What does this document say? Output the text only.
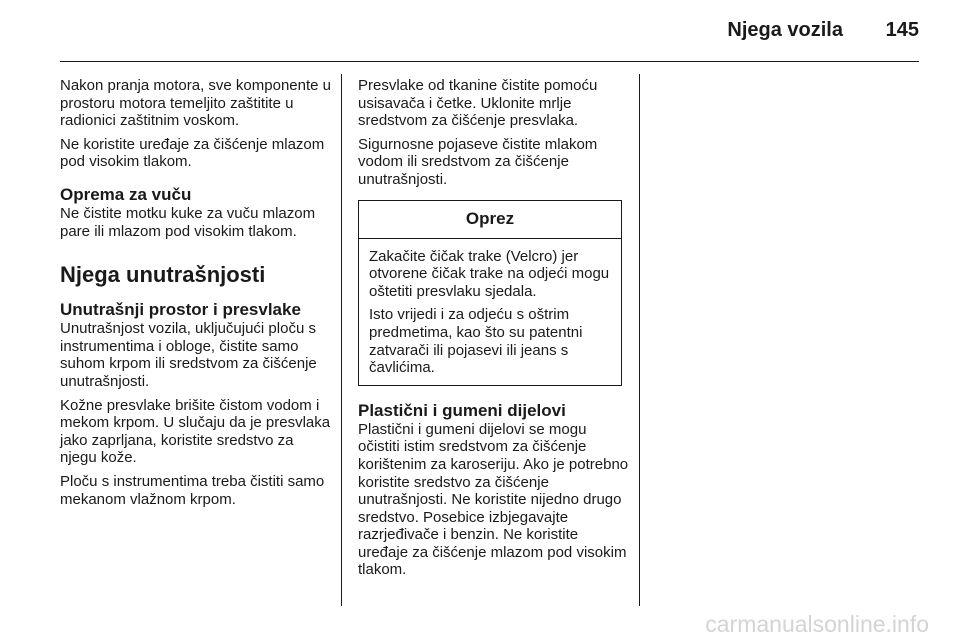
Njega vozila 145

Nakon pranja motora, sve komponente u prostoru motora temeljito zaštitite u radionici zaštitnim voskom.

Ne koristite uređaje za čišćenje mlazom pod visokim tlakom.

Oprema za vuču

Ne čistite motku kuke za vuču mlazom pare ili mlazom pod visokim tlakom.

Njega unutrašnjosti
Unutrašnji prostor i presvlake

Unutrašnjost vozila, uključujući ploču s instrumentima i obloge, čistite samo suhom krpom ili sredstvom za čišćenje unutrašnjosti.

Kožne presvlake brišite čistom vodom i mekom krpom. U slučaju da je presvlaka jako zaprljana, koristite sredstvo za njegu kože.

Ploču s instrumentima treba čistiti samo mekanom vlažnom krpom.

Presvlake od tkanine čistite pomoću usisavača i četke. Uklonite mrlje sredstvom za čišćenje presvlaka.

Sigurnosne pojaseve čistite mlakom vodom ili sredstvom za čišćenje unutrašnjosti.

Oprez

Zakačite čičak trake (Velcro) jer otvorene čičak trake na odjeći mogu oštetiti presvlaku sjedala.

Isto vrijedi i za odjeću s oštrim predmetima, kao što su patentni zatvarači ili pojasevi ili jeans s čavlićima.

Plastični i gumeni dijelovi

Plastični i gumeni dijelovi se mogu očistiti istim sredstvom za čišćenje korištenim za karoseriju. Ako je potrebno koristite sredstvo za čišćenje unutrašnjosti. Ne koristite nijedno drugo sredstvo. Posebice izbjegavajte razrjeđivače i benzin. Ne koristite uređaje za čišćenje mlazom pod visokim tlakom.

carmanualsonline.info
